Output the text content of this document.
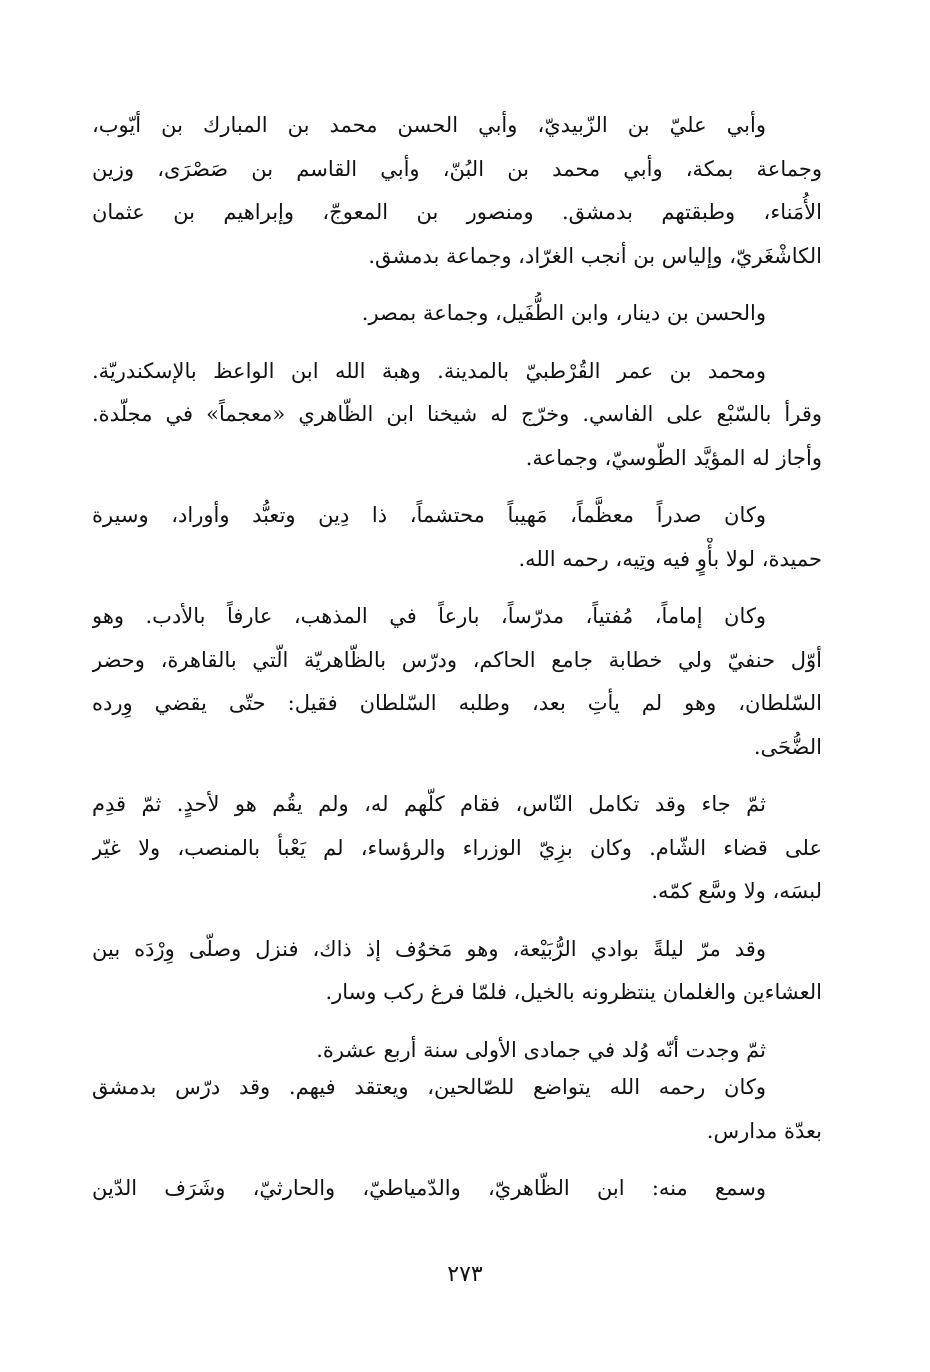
وأبي عليّ بن الزّبيديّ، وأبي الحسن محمد بن المبارك بن أيّوب،
وجماعة بمكة، وأبي محمد بن البُنّ، وأبي القاسم بن صَصْرَى، وزين
الأُمَناء، وطبقتهم بدمشق. ومنصور بن المعوجّ، وإبراهيم بن عثمان
الكاشْغَريّ، وإلياس بن أنجب الغرّاد، وجماعة بدمشق.

والحسن بن دينار، وابن الطُّفَيل، وجماعة بمصر.

ومحمد بن عمر القُرْطبيّ بالمدينة. وهبة الله ابن الواعظ بالإسكندريّة.
وقرأ بالسّبْع على الفاسي. وخرّج له شيخنا ابن الظّاهري «معجماً» في مجلّدة.
وأجاز له المؤيَّد الطّوسيّ، وجماعة.

وكان صدراً معظَّماً، مَهيباً محتشماً، ذا دِين وتعبُّد وأوراد، وسيرة
حميدة، لولا بأْوٍ فيه وتِيه، رحمه الله.

وكان إماماً، مُفتياً، مدرّساً، بارعاً في المذهب، عارفاً بالأدب. وهو
أوّل حنفيّ ولي خطابة جامع الحاكم، ودرّس بالظّاهريّة الّتي بالقاهرة، وحضر
السّلطان، وهو لم يأتِ بعد، وطلبه السّلطان فقيل: حتّى يقضي وِرده
الضُّحَى.

ثمّ جاء وقد تكامل النّاس، فقام كلّهم له، ولم يقُم هو لأحدٍ. ثمّ قدِم
على قضاء الشّام. وكان بزِيّ الوزراء والرؤساء، لم يَعْبأ بالمنصب، ولا غيّر
لبسَه، ولا وسَّع كمّه.

وقد مرّ ليلةً بوادي الرُّبَيْعة، وهو مَخوُف إذ ذاك، فنزل وصلّى وِرْدَه بين
العشاءين والغلمان ينتظرونه بالخيل، فلمّا فرغ ركب وسار.

ثمّ وجدت أنّه وُلد في جمادى الأولى سنة أربع عشرة.
وكان رحمه الله يتواضع للصّالحين، ويعتقد فيهم. وقد درّس بدمشق
بعدّة مدارس.

وسمع منه: ابن الظّاهريّ، والدّمياطيّ، والحارثيّ، وشَرَف الدّين

٢٧٣
